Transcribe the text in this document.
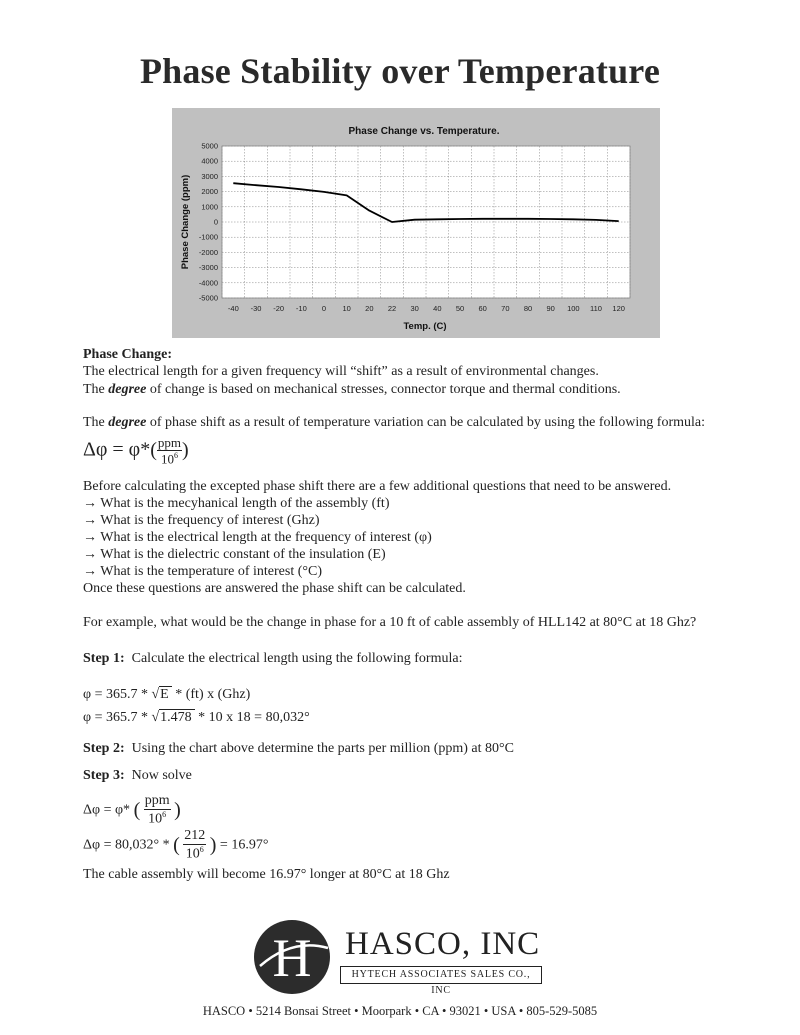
Phase Stability over Temperature
Phase Change vs. Temperature.
5000
4000
3000
2000
1000
0
-1000
-2000
-3000
-4000
-5000
-40 -30 -20 -10 0 10 20 22 30 40 50 60 70 80 90 100 110 120
Temp. (C)
Phase Change (ppm)
Phase Change:
The electrical length for a given frequency will “shift” as a result of environmental changes.
The degree of change is based on mechanical stresses, connector torque and thermal conditions.
The degree of phase shift as a result of temperature variation can be calculated by using the following formula:
$\Delta\varphi = \varphi*( \frac{\text{ppm}}{10^6}$ )
Before calculating the excepted phase shift there are a few additional questions that need to be answered.
→ What is the mecyhanical length of the assembly (ft)
→ What is the frequency of interest (Ghz)
→ What is the electrical length at the frequency of interest (φ)
→ What is the dielectric constant of the insulation (E)
→ What is the temperature of interest (°C)
Once these questions are answered the phase shift can be calculated.
For example, what would be the change in phase for a 10 ft of cable assembly of HLL142 at 80°C at 18 Ghz?
Step 1: Calculate the electrical length using the following formula:
φ = 365.7 * √E * (ft) x (Ghz)
φ = 365.7 * √1.478 * 10 x 18 = 80,032°
Step 2: Using the chart above determine the parts per million (ppm) at 80°C
Step 3: Now solve
Δφ = φ* ( $\frac{\text{ppm}}{10^6}$ )
Δφ = 80,032° * ( $\frac{212}{10^6}$ ) = 16.97°
The cable assembly will become 16.97° longer at 80°C at 18 Ghz
H HASCO, INC
HYTECH ASSOCIATES SALES CO., INC
HASCO • 5214 Bonsai Street • Moorpark • CA • 93021 • USA • 805-529-5085
